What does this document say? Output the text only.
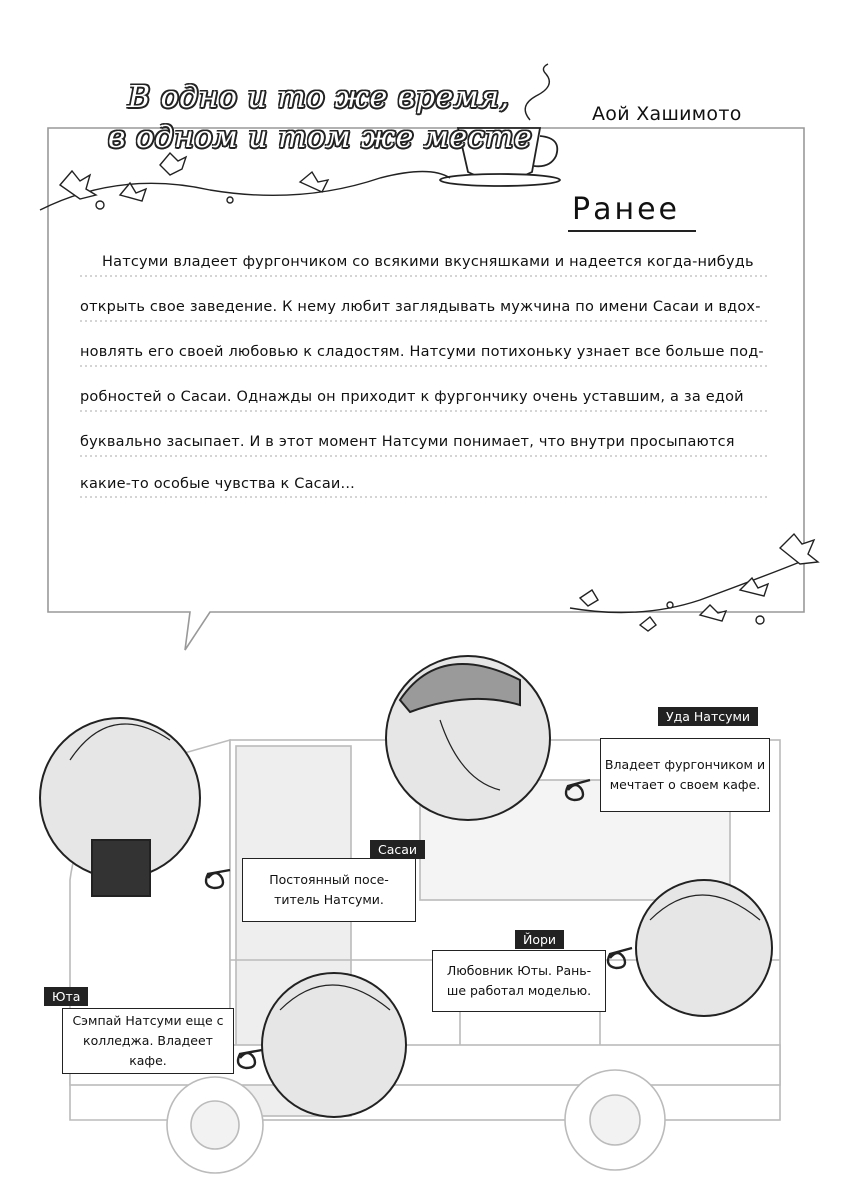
В одно и то же время,
в одном и том же месте
Аой Хашимото
Ранее
Натсуми владеет фургончиком со всякими вкусняшками и надеется когда-нибудь
открыть свое заведение. К нему любит заглядывать мужчина по имени Сасаи и вдох-
новлять его своей любовью к сладостям. Натсуми потихоньку узнает все больше под-
робностей о Сасаи. Однажды он приходит к фургончику очень уставшим, а за едой
буквально засыпает. И в этот момент Натсуми понимает, что внутри просыпаются
какие-то особые чувства к Сасаи...
Уда Натсуми
Владеет фургончиком и
мечтает о своем кафе.
Сасаи
Постоянный посе-
титель Натсуми.
Йори
Любовник Юты. Рань-
ше работал моделью.
Юта
Сэмпай Натсуми еще с
колледжа. Владеет кафе.
